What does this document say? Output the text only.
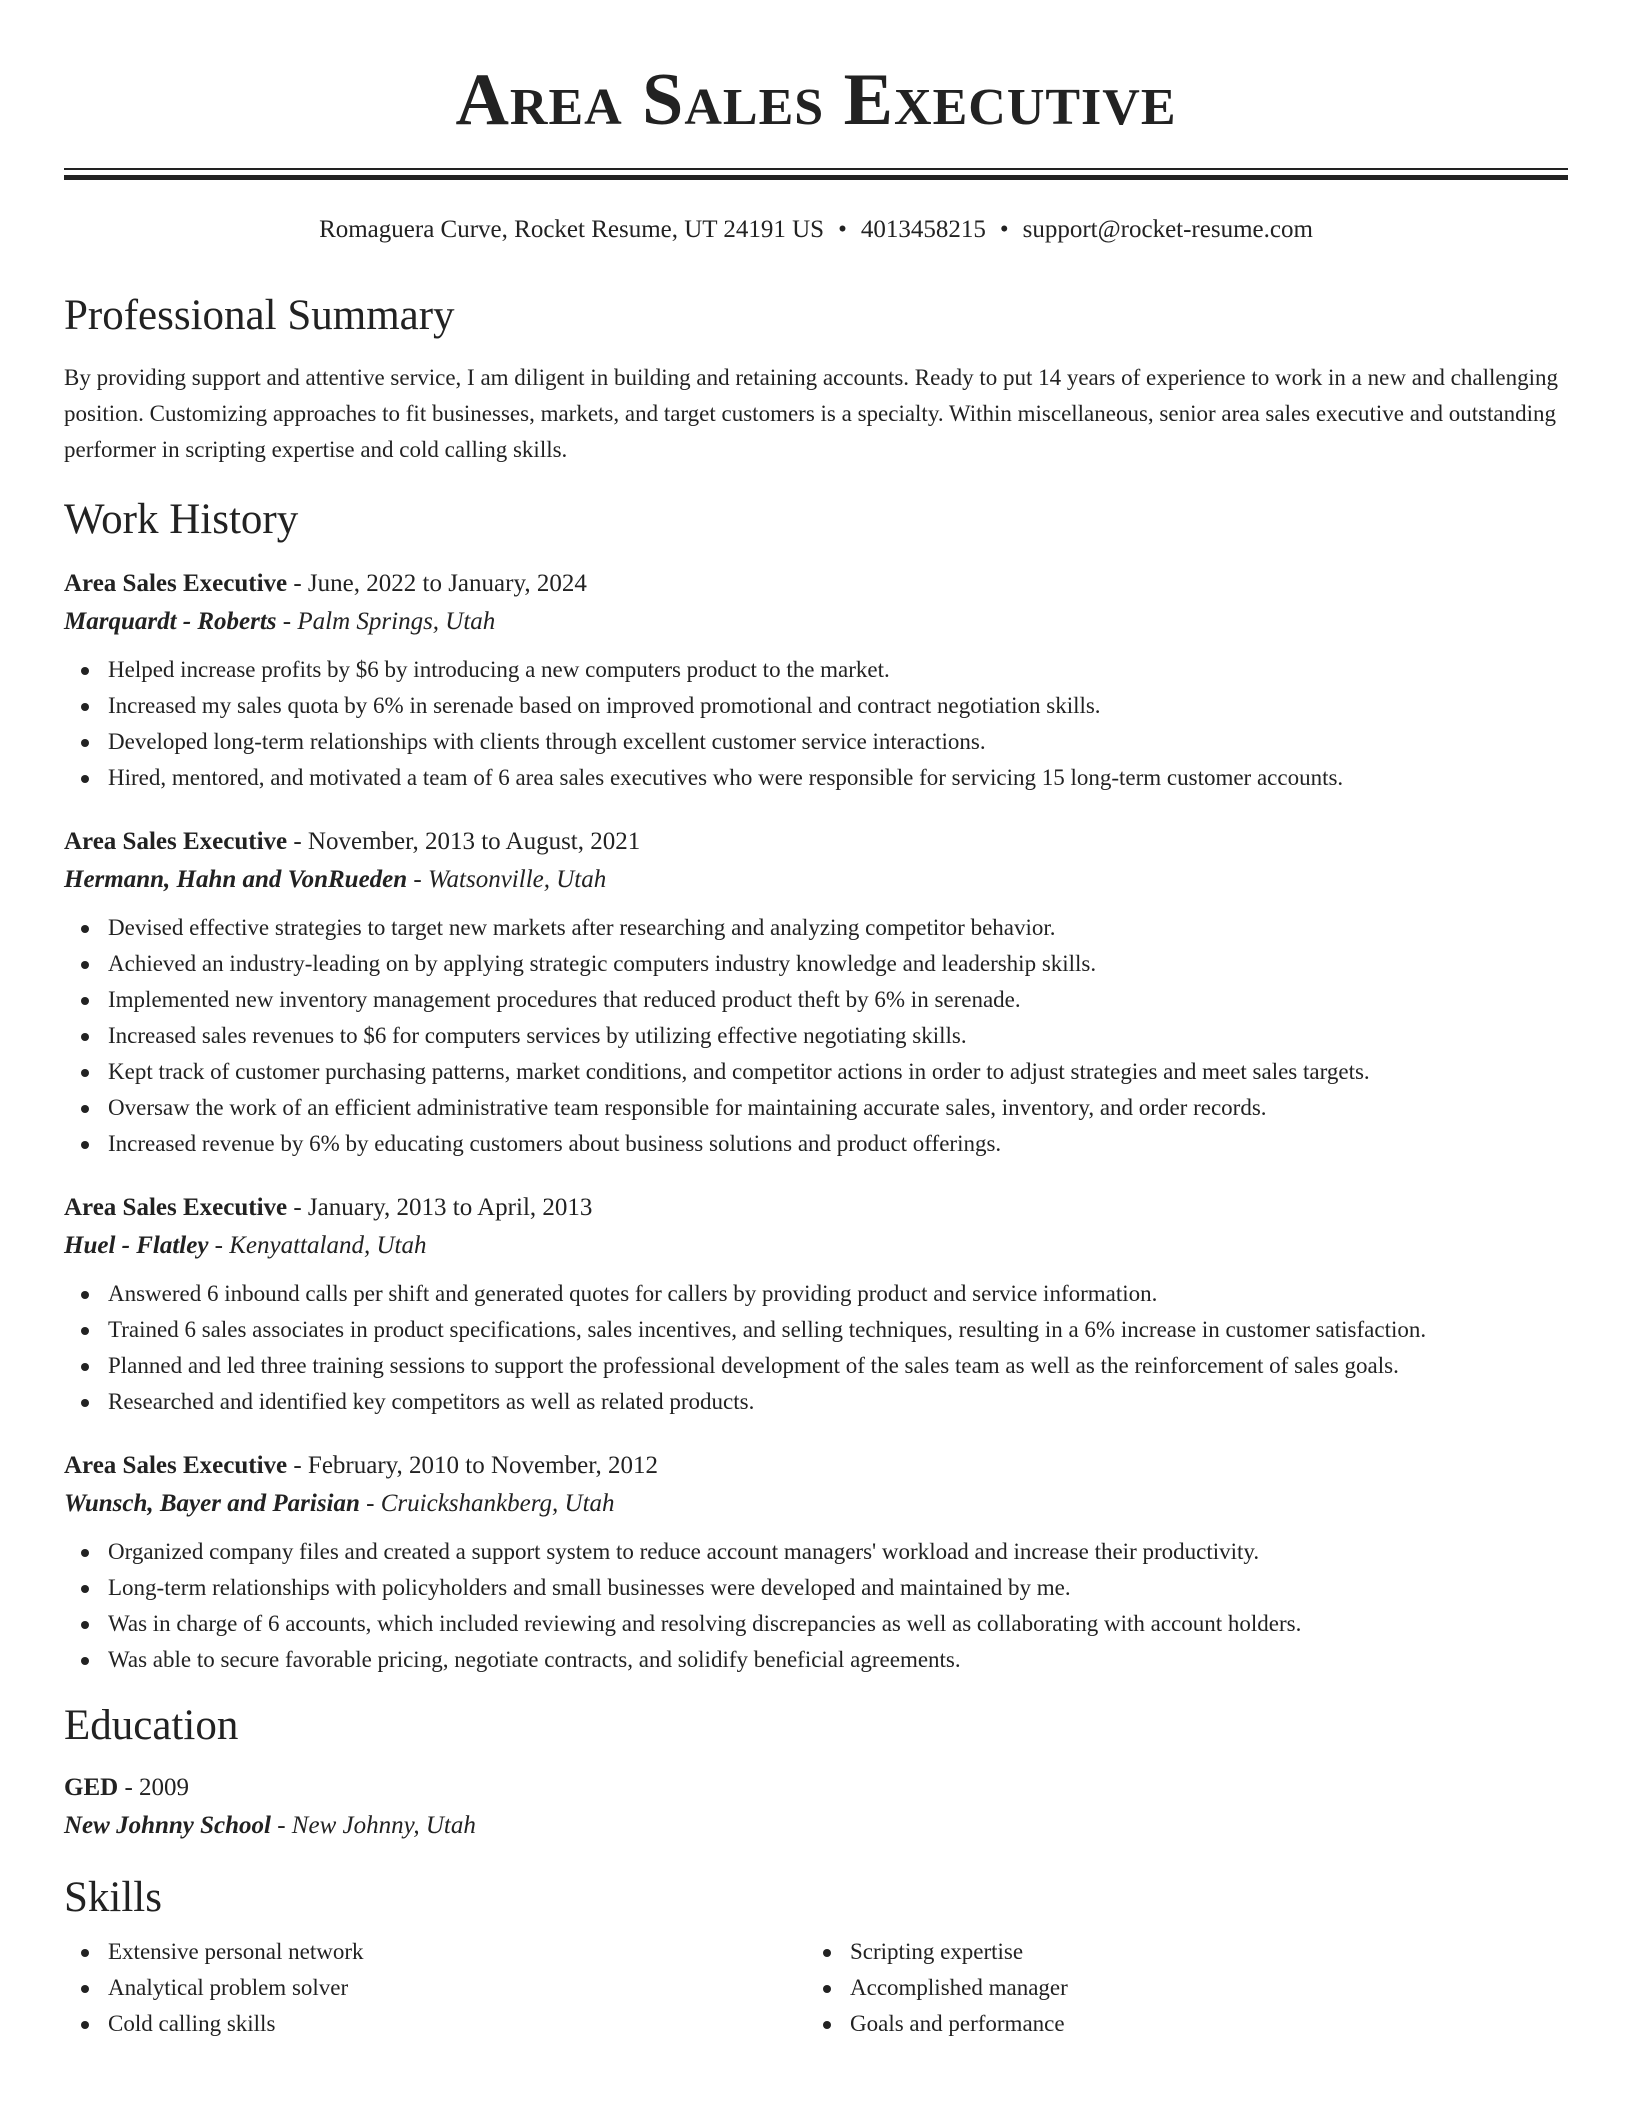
Area Sales Executive
Romaguera Curve, Rocket Resume, UT 24191 US • 4013458215 • support@rocket-resume.com
Professional Summary

By providing support and attentive service, I am diligent in building and retaining accounts. Ready to put 14 years of experience to work in a new and challenging position. Customizing approaches to fit businesses, markets, and target customers is a specialty. Within miscellaneous, senior area sales executive and outstanding performer in scripting expertise and cold calling skills.

Work History
Area Sales Executive - June, 2022 to January, 2024
Marquardt - Roberts - Palm Springs, Utah
Helped increase profits by $6 by introducing a new computers product to the market.
Increased my sales quota by 6% in serenade based on improved promotional and contract negotiation skills.
Developed long-term relationships with clients through excellent customer service interactions.
Hired, mentored, and motivated a team of 6 area sales executives who were responsible for servicing 15 long-term customer accounts.
Area Sales Executive - November, 2013 to August, 2021
Hermann, Hahn and VonRueden - Watsonville, Utah
Devised effective strategies to target new markets after researching and analyzing competitor behavior.
Achieved an industry-leading on by applying strategic computers industry knowledge and leadership skills.
Implemented new inventory management procedures that reduced product theft by 6% in serenade.
Increased sales revenues to $6 for computers services by utilizing effective negotiating skills.
Kept track of customer purchasing patterns, market conditions, and competitor actions in order to adjust strategies and meet sales targets.
Oversaw the work of an efficient administrative team responsible for maintaining accurate sales, inventory, and order records.
Increased revenue by 6% by educating customers about business solutions and product offerings.
Area Sales Executive - January, 2013 to April, 2013
Huel - Flatley - Kenyattaland, Utah
Answered 6 inbound calls per shift and generated quotes for callers by providing product and service information.
Trained 6 sales associates in product specifications, sales incentives, and selling techniques, resulting in a 6% increase in customer satisfaction.
Planned and led three training sessions to support the professional development of the sales team as well as the reinforcement of sales goals.
Researched and identified key competitors as well as related products.
Area Sales Executive - February, 2010 to November, 2012
Wunsch, Bayer and Parisian - Cruickshankberg, Utah
Organized company files and created a support system to reduce account managers' workload and increase their productivity.
Long-term relationships with policyholders and small businesses were developed and maintained by me.
Was in charge of 6 accounts, which included reviewing and resolving discrepancies as well as collaborating with account holders.
Was able to secure favorable pricing, negotiate contracts, and solidify beneficial agreements.
Education
GED - 2009
New Johnny School - New Johnny, Utah
Skills
Extensive personal network
Analytical problem solver
Cold calling skills
Scripting expertise
Accomplished manager
Goals and performance
